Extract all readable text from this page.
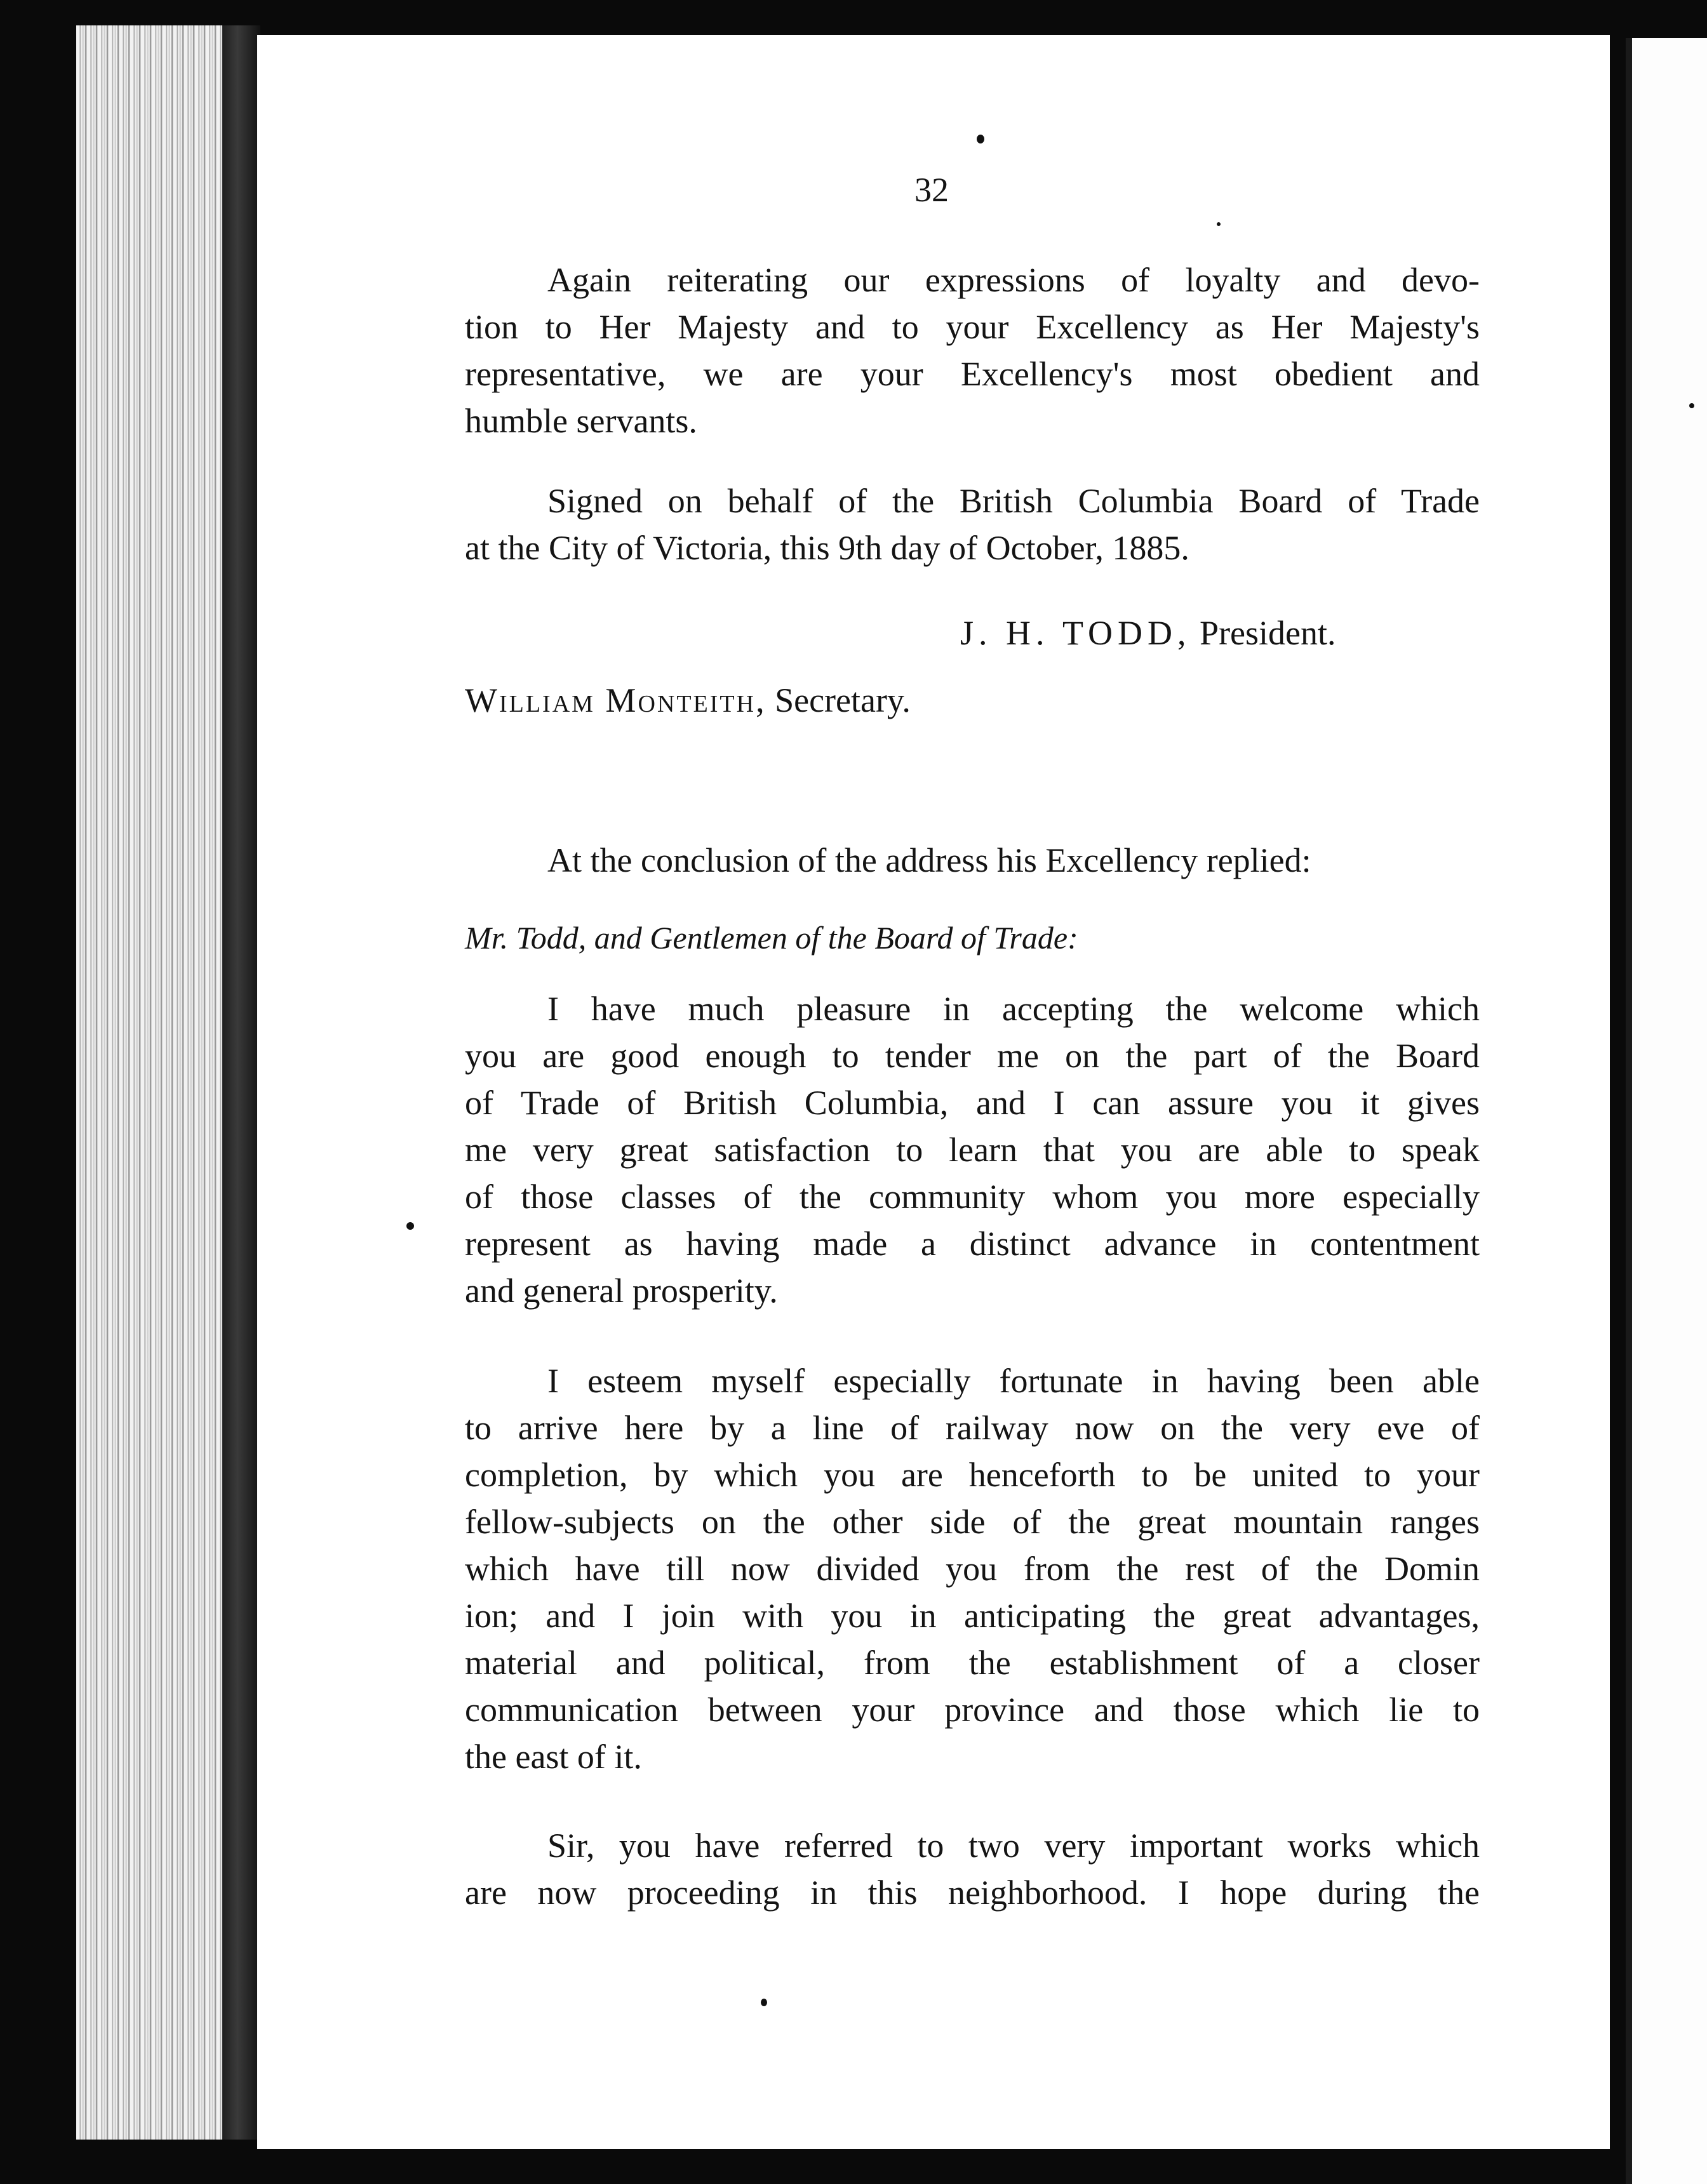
32
Again reiterating our expressions of loyalty and devo-
tion to Her Majesty and to your Excellency as Her Majesty's
representative, we are your Excellency's most obedient and
humble servants.
Signed on behalf of the British Columbia Board of Trade
at the City of Victoria, this 9th day of October, 1885.
J. H. TODD, President.
William Monteith, Secretary.
At the conclusion of the address his Excellency replied:
Mr. Todd, and Gentlemen of the Board of Trade:
I have much pleasure in accepting the welcome which
you are good enough to tender me on the part of the Board
of Trade of British Columbia, and I can assure you it gives
me very great satisfaction to learn that you are able to speak
of those classes of the community whom you more especially
represent as having made a distinct advance in contentment
and general prosperity.
I esteem myself especially fortunate in having been able
to arrive here by a line of railway now on the very eve of
completion, by which you are henceforth to be united to your
fellow-subjects on the other side of the great mountain ranges
which have till now divided you from the rest of the Domin
ion; and I join with you in anticipating the great advantages,
material and political, from the establishment of a closer
communication between your province and those which lie to
the east of it.
Sir, you have referred to two very important works which
are now proceeding in this neighborhood. I hope during the
